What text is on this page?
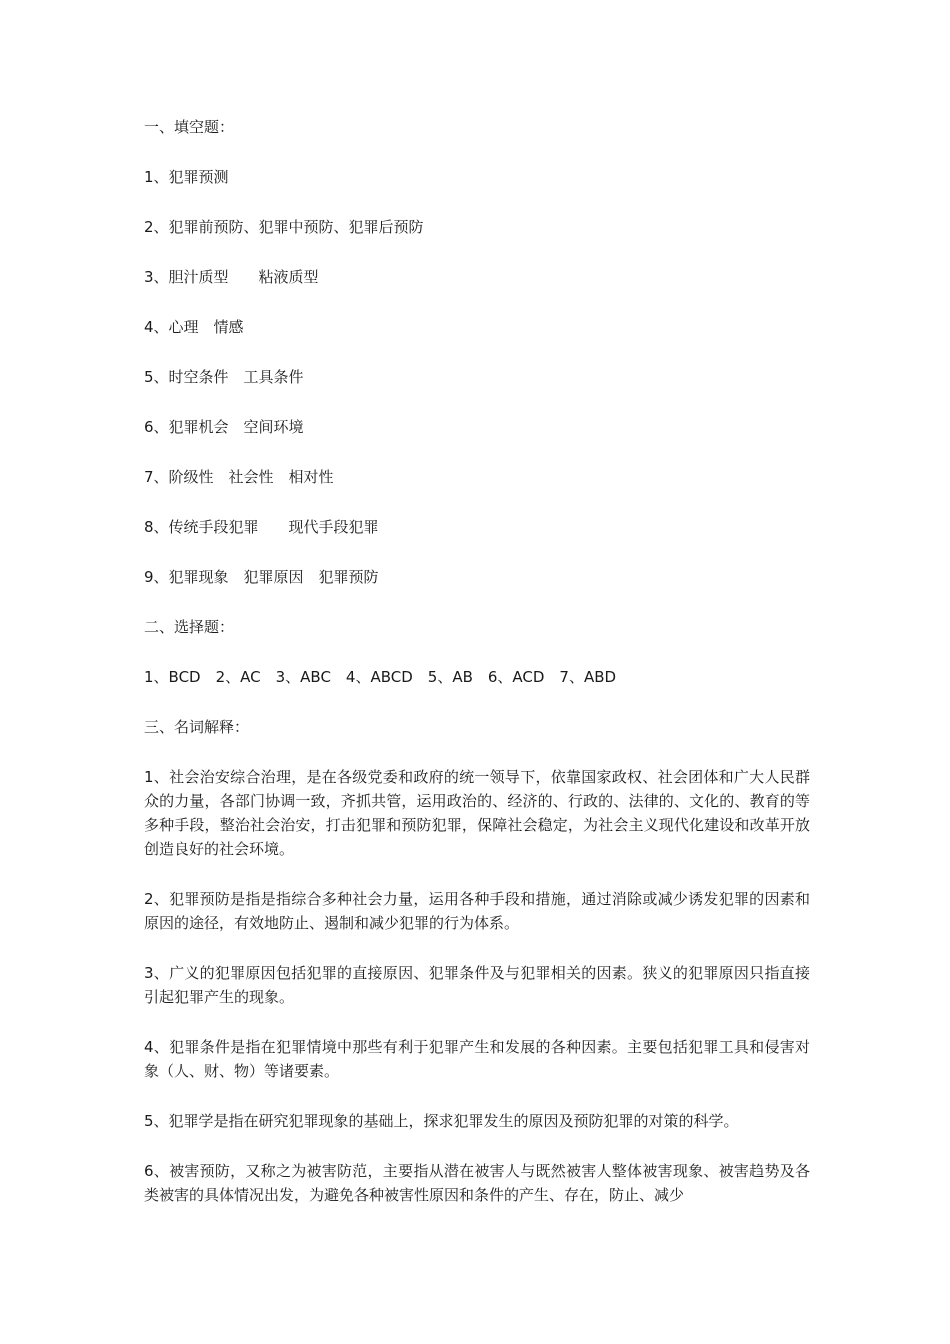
一、填空题：
1、犯罪预测
2、犯罪前预防、犯罪中预防、犯罪后预防
3、胆汁质型　　粘液质型
4、心理　情感
5、时空条件　工具条件
6、犯罪机会　空间环境
7、阶级性　社会性　相对性
8、传统手段犯罪　　现代手段犯罪
9、犯罪现象　犯罪原因　犯罪预防
二、选择题：
1、BCD　2、AC　3、ABC　4、ABCD　5、AB　6、ACD　7、ABD
三、名词解释：
1、社会治安综合治理，是在各级党委和政府的统一领导下，依靠国家政权、社会团体和广大人民群众的力量，各部门协调一致，齐抓共管，运用政治的、经济的、行政的、法律的、文化的、教育的等多种手段，整治社会治安，打击犯罪和预防犯罪，保障社会稳定，为社会主义现代化建设和改革开放创造良好的社会环境。
2、犯罪预防是指是指综合多种社会力量，运用各种手段和措施，通过消除或减少诱发犯罪的因素和原因的途径，有效地防止、遏制和减少犯罪的行为体系。
3、广义的犯罪原因包括犯罪的直接原因、犯罪条件及与犯罪相关的因素。狭义的犯罪原因只指直接引起犯罪产生的现象。
4、犯罪条件是指在犯罪情境中那些有利于犯罪产生和发展的各种因素。主要包括犯罪工具和侵害对象（人、财、物）等诸要素。
5、犯罪学是指在研究犯罪现象的基础上，探求犯罪发生的原因及预防犯罪的对策的科学。
6、被害预防，又称之为被害防范，主要指从潜在被害人与既然被害人整体被害现象、被害趋势及各类被害的具体情况出发，为避免各种被害性原因和条件的产生、存在，防止、减少
